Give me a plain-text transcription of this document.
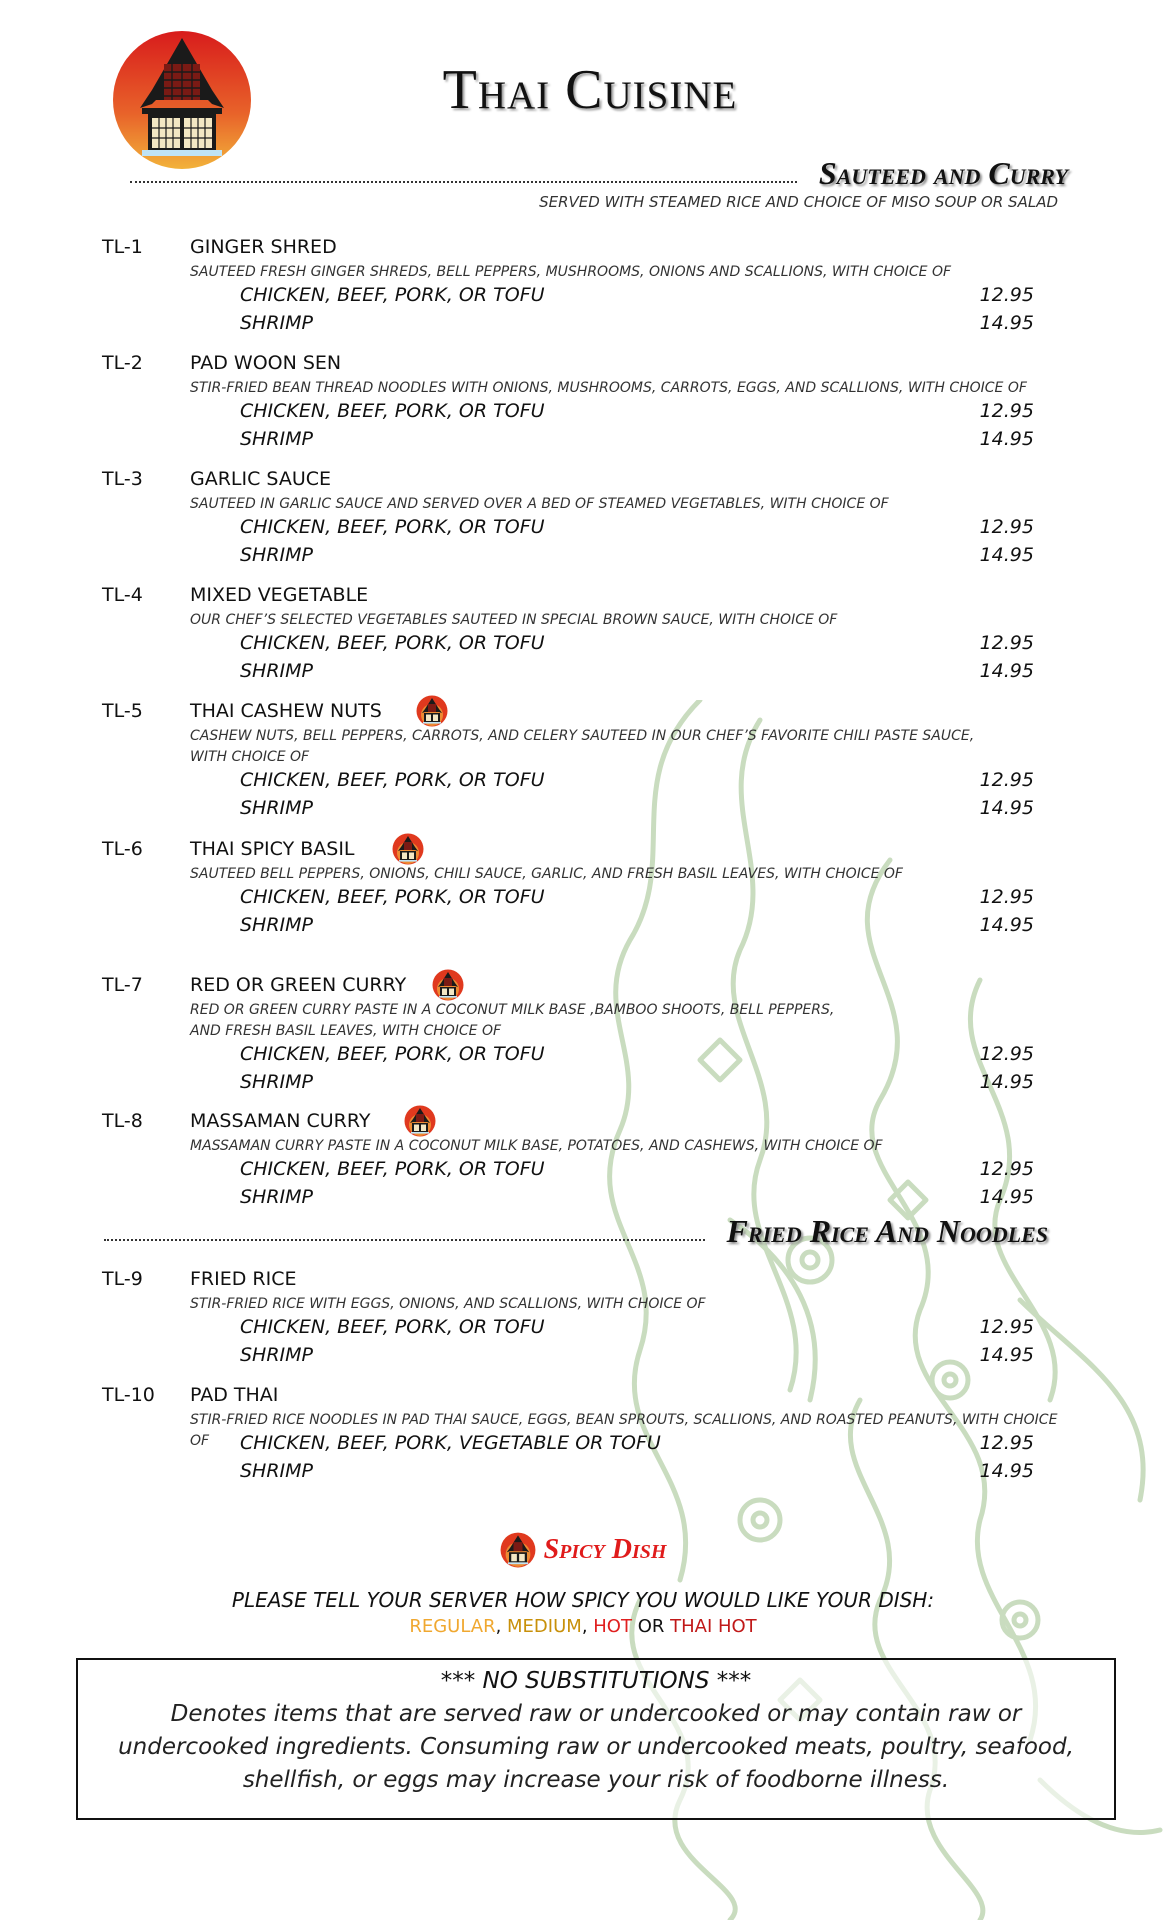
Thai Cuisine
Sauteed and Curry
SERVED WITH STEAMED RICE AND CHOICE OF MISO SOUP OR SALAD
TL-1 GINGER SHRED
SAUTEED FRESH GINGER SHREDS, BELL PEPPERS, MUSHROOMS, ONIONS AND SCALLIONS, WITH CHOICE OF
CHICKEN, BEEF, PORK, OR TOFU	12.95
SHRIMP	14.95
TL-2 PAD WOON SEN
STIR-FRIED BEAN THREAD NOODLES WITH ONIONS, MUSHROOMS, CARROTS, EGGS, AND SCALLIONS, WITH CHOICE OF
CHICKEN, BEEF, PORK, OR TOFU	12.95
SHRIMP	14.95
TL-3 GARLIC SAUCE
SAUTEED IN GARLIC SAUCE AND SERVED OVER A BED OF STEAMED VEGETABLES, WITH CHOICE OF
CHICKEN, BEEF, PORK, OR TOFU	12.95
SHRIMP	14.95
TL-4 MIXED VEGETABLE
OUR CHEF’S SELECTED VEGETABLES SAUTEED IN SPECIAL BROWN SAUCE, WITH CHOICE OF
CHICKEN, BEEF, PORK, OR TOFU	12.95
SHRIMP	14.95
TL-5 THAI CASHEW NUTS
CASHEW NUTS, BELL PEPPERS, CARROTS, AND CELERY SAUTEED IN OUR CHEF’S FAVORITE CHILI PASTE SAUCE,
WITH CHOICE OF
CHICKEN, BEEF, PORK, OR TOFU	12.95
SHRIMP	14.95
TL-6 THAI SPICY BASIL
SAUTEED BELL PEPPERS, ONIONS, CHILI SAUCE, GARLIC, AND FRESH BASIL LEAVES, WITH CHOICE OF
CHICKEN, BEEF, PORK, OR TOFU	12.95
SHRIMP	14.95
TL-7 RED OR GREEN CURRY
RED OR GREEN CURRY PASTE IN A COCONUT MILK BASE ,BAMBOO SHOOTS, BELL PEPPERS,
AND FRESH BASIL LEAVES, WITH CHOICE OF
CHICKEN, BEEF, PORK, OR TOFU	12.95
SHRIMP	14.95
TL-8 MASSAMAN CURRY
MASSAMAN CURRY PASTE IN A COCONUT MILK BASE, POTATOES, AND CASHEWS, WITH CHOICE OF
CHICKEN, BEEF, PORK, OR TOFU	12.95
SHRIMP	14.95
Fried Rice And Noodles
TL-9 FRIED RICE
STIR-FRIED RICE WITH EGGS, ONIONS, AND SCALLIONS, WITH CHOICE OF
CHICKEN, BEEF, PORK, OR TOFU	12.95
SHRIMP	14.95
TL-10 PAD THAI
STIR-FRIED RICE NOODLES IN PAD THAI SAUCE, EGGS, BEAN SPROUTS, SCALLIONS, AND ROASTED PEANUTS, WITH CHOICE OF	CHICKEN, BEEF, PORK, VEGETABLE OR TOFU	12.95
SHRIMP	14.95
Spicy Dish
PLEASE TELL YOUR SERVER HOW SPICY YOU WOULD LIKE YOUR DISH:
REGULAR, MEDIUM, HOT OR THAI HOT
*** NO SUBSTITUTIONS ***
Denotes items that are served raw or undercooked or may contain raw or undercooked ingredients. Consuming raw or undercooked meats, poultry, seafood, shellfish, or eggs may increase your risk of foodborne illness.
